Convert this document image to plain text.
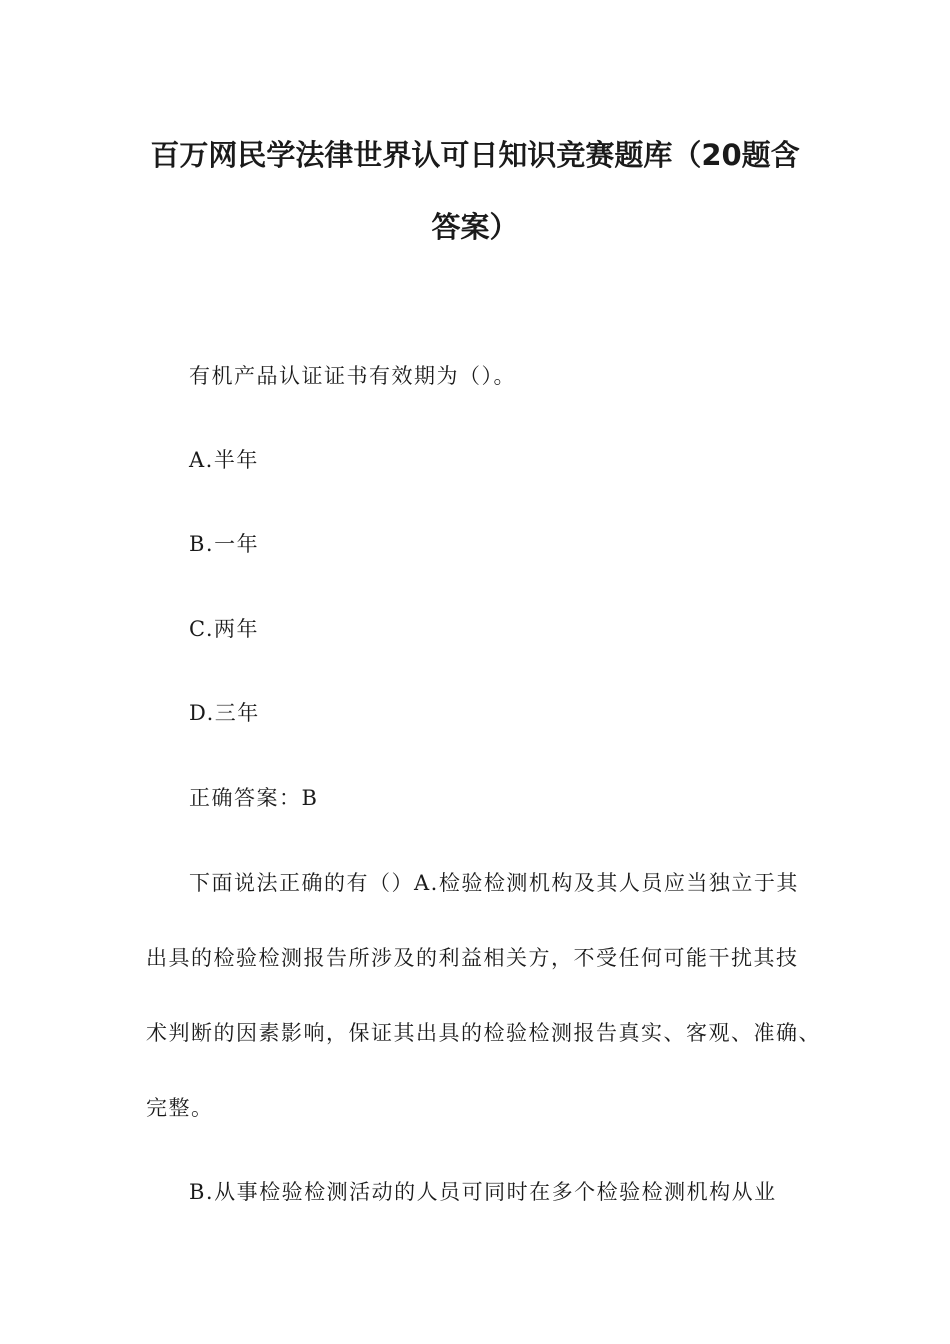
百万网民学法律世界认可日知识竞赛题库（20题含
答案）
有机产品认证证书有效期为（）。
A.半年
B.一年
C.两年
D.三年
正确答案：B
下面说法正确的有（）A.检验检测机构及其人员应当独立于其
出具的检验检测报告所涉及的利益相关方，不受任何可能干扰其技
术判断的因素影响，保证其出具的检验检测报告真实、客观、准确、
完整。
B.从事检验检测活动的人员可同时在多个检验检测机构从业
